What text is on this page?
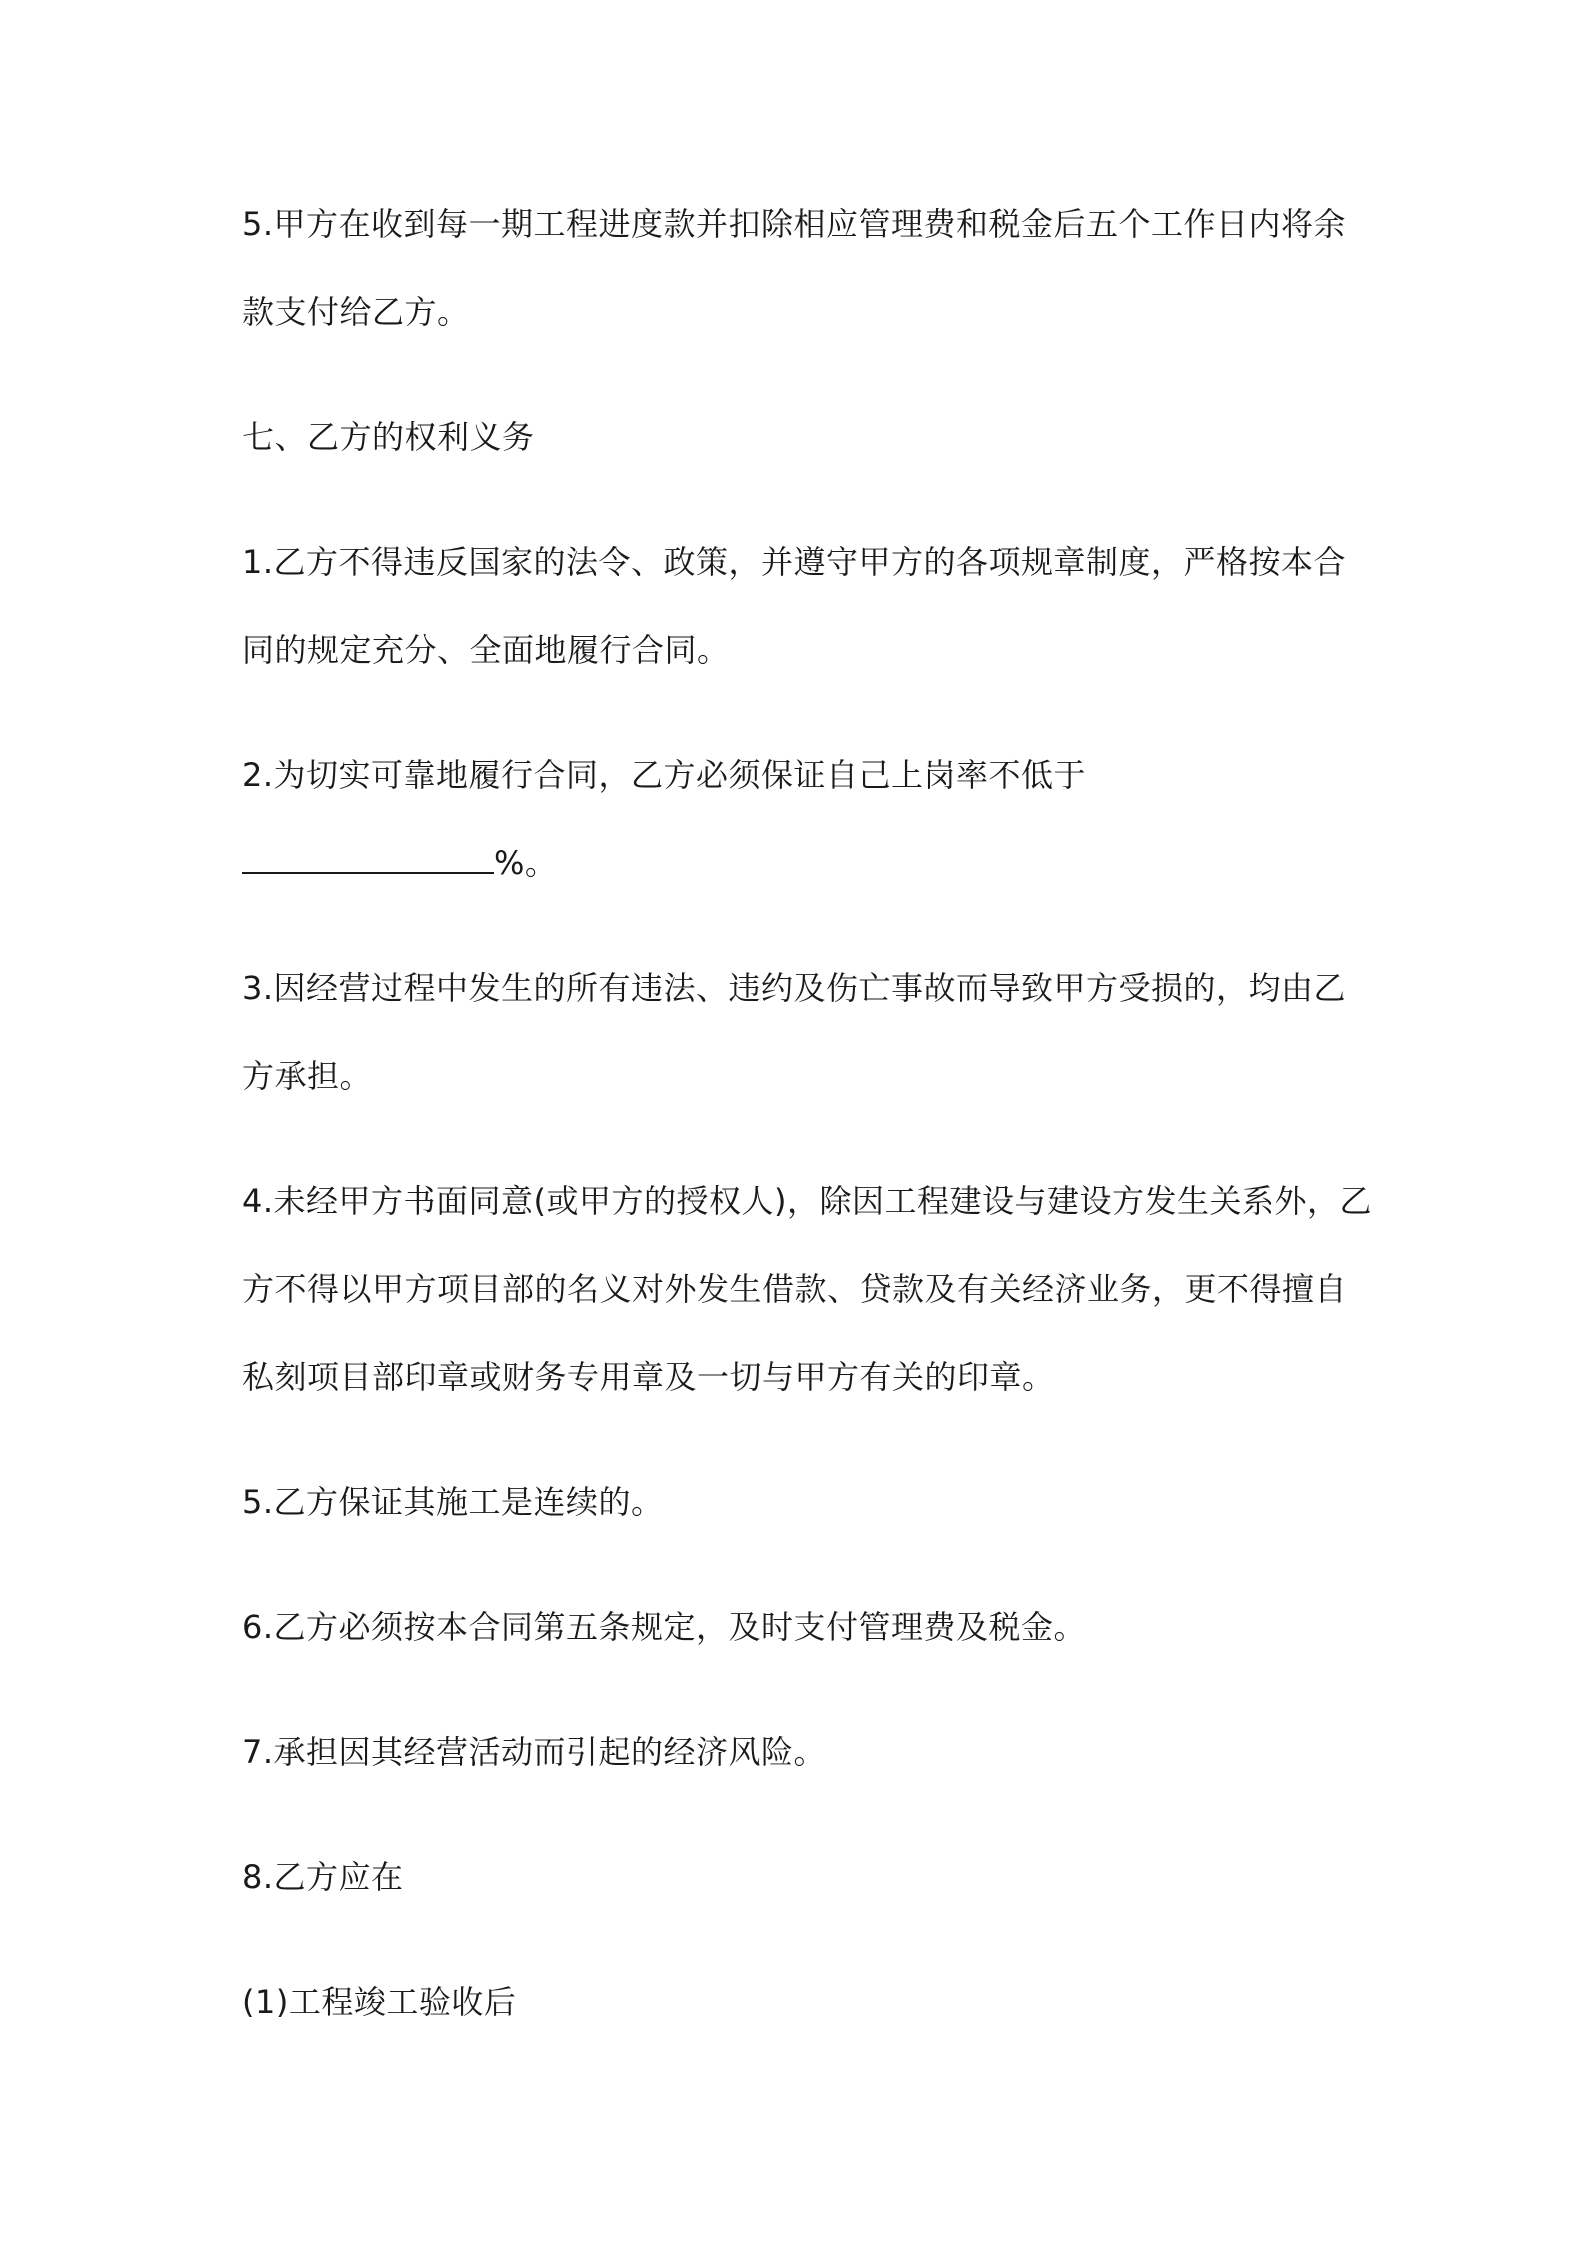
5.甲方在收到每一期工程进度款并扣除相应管理费和税金后五个工作日内将余
款支付给乙方。
七、乙方的权利义务
1.乙方不得违反国家的法令、政策，并遵守甲方的各项规章制度，严格按本合
同的规定充分、全面地履行合同。
2.为切实可靠地履行合同，乙方必须保证自己上岗率不低于
%。
3.因经营过程中发生的所有违法、违约及伤亡事故而导致甲方受损的，均由乙
方承担。
4.未经甲方书面同意(或甲方的授权人)，除因工程建设与建设方发生关系外，乙
方不得以甲方项目部的名义对外发生借款、贷款及有关经济业务，更不得擅自
私刻项目部印章或财务专用章及一切与甲方有关的印章。
5.乙方保证其施工是连续的。
6.乙方必须按本合同第五条规定，及时支付管理费及税金。
7.承担因其经营活动而引起的经济风险。
8.乙方应在
(1)工程竣工验收后
